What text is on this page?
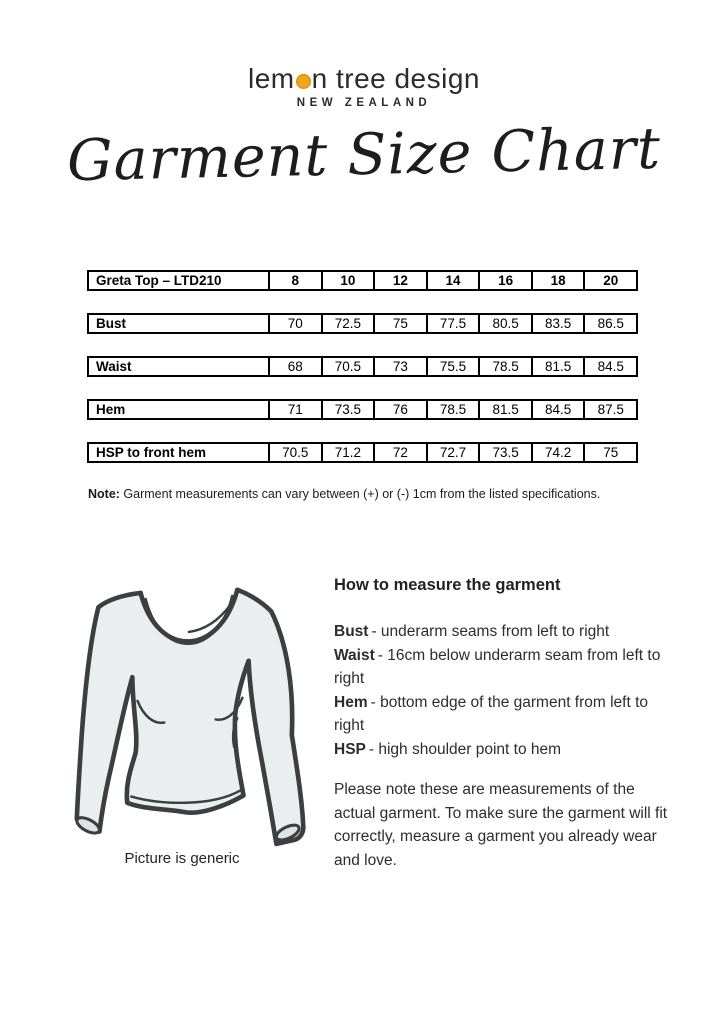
lem n tree design
NEW ZEALAND
Garment Size Chart
Greta Top – LTD210	8	10	12	14	16	18	20
Bust	70	72.5	75	77.5	80.5	83.5	86.5
Waist	68	70.5	73	75.5	78.5	81.5	84.5
Hem	71	73.5	76	78.5	81.5	84.5	87.5
HSP to front hem	70.5	71.2	72	72.7	73.5	74.2	75
Note: Garment measurements can vary between (+) or (-) 1cm from the listed specifications.
Picture is generic
How to measure the garment
Bust - underarm seams from left to right
Waist - 16cm below underarm seam from left to right
Hem - bottom edge of the garment from left to right
HSP - high shoulder point to hem
Please note these are measurements of the actual garment. To make sure the garment will fit correctly, measure a garment you already wear and love.
